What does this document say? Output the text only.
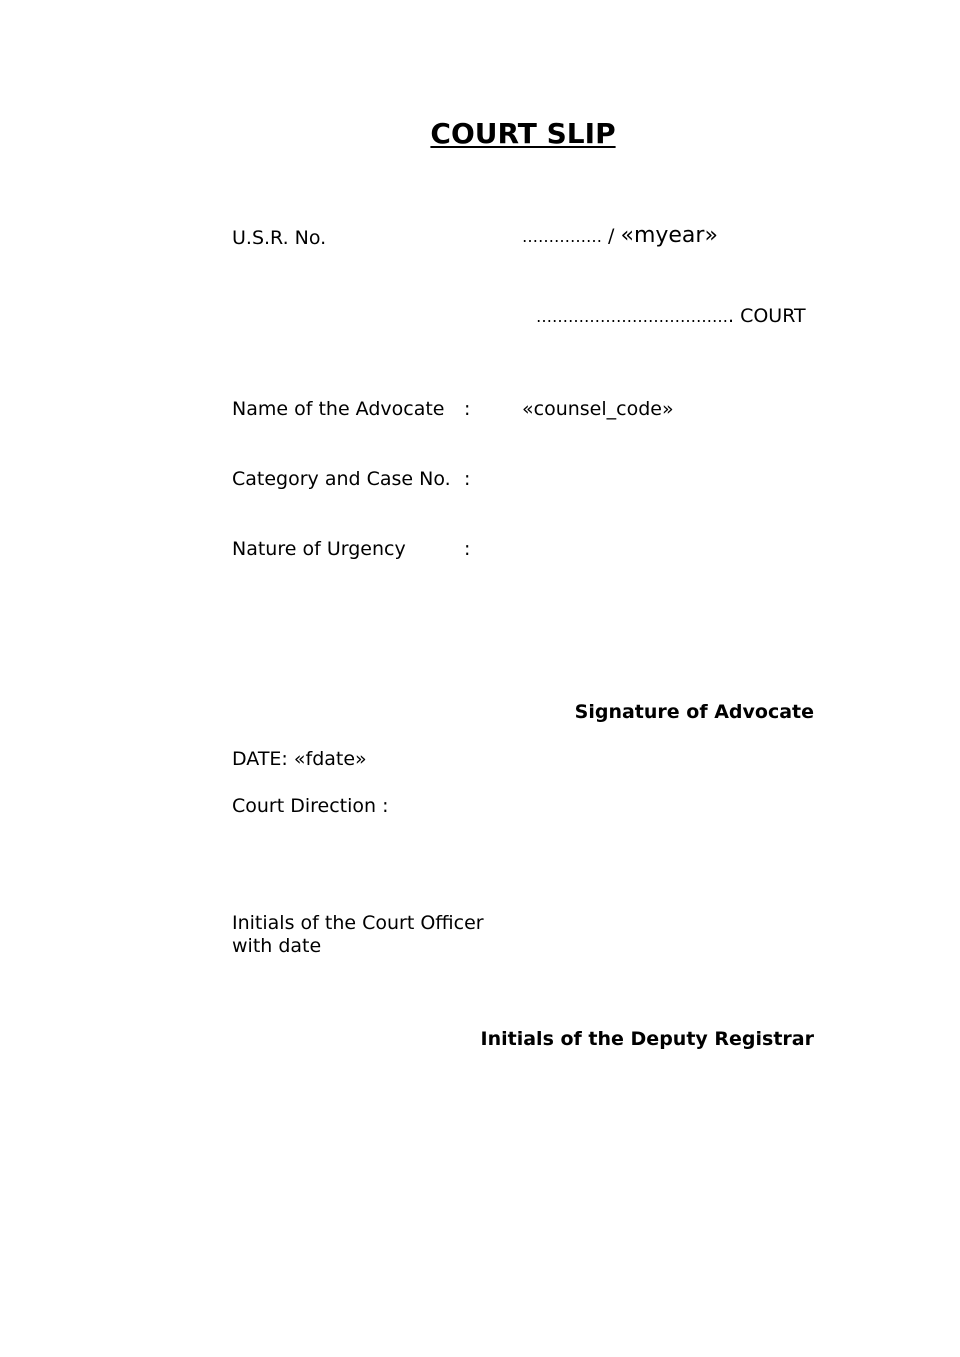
COURT SLIP
U.S.R. No.	…………… / «myear»
………………………………. COURT
Name of the Advocate :	«counsel_code»
Category and Case No. :
Nature of Urgency	:
Signature of Advocate
DATE: «fdate»
Court Direction :
Initials of the Court Officer
with date
Initials of the Deputy Registrar
